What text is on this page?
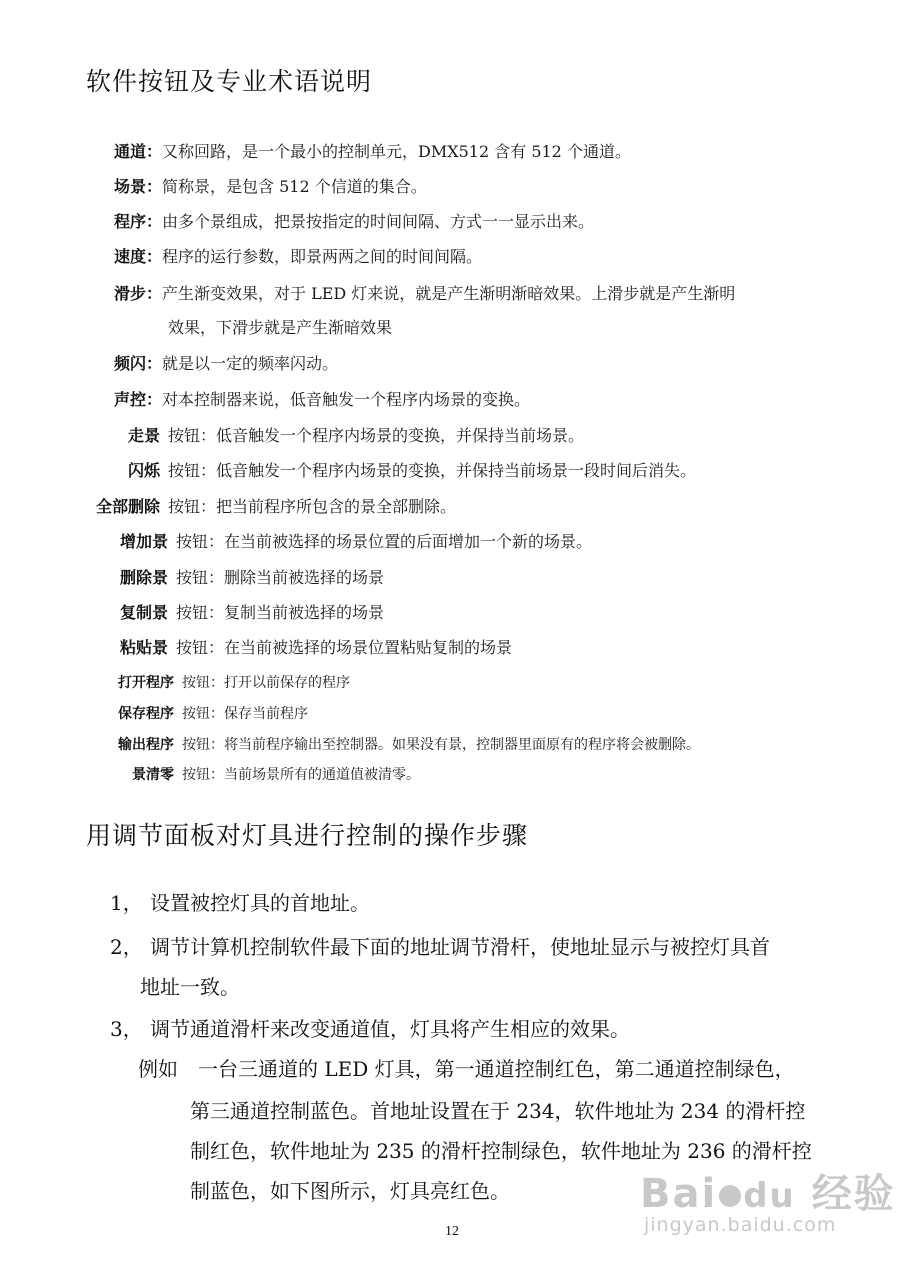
软件按钮及专业术语说明
通道：又称回路，是一个最小的控制单元，DMX512 含有 512 个通道。
场景：简称景，是包含 512 个信道的集合。
程序：由多个景组成，把景按指定的时间间隔、方式一一显示出来。
速度：程序的运行参数，即景两两之间的时间间隔。
滑步：产生渐变效果，对于 LED 灯来说，就是产生渐明渐暗效果。上滑步就是产生渐明
效果，下滑步就是产生渐暗效果
频闪：就是以一定的频率闪动。
声控：对本控制器来说，低音触发一个程序内场景的变换。
走景 按钮：低音触发一个程序内场景的变换，并保持当前场景。
闪烁 按钮：低音触发一个程序内场景的变换，并保持当前场景一段时间后消失。
全部删除 按钮：把当前程序所包含的景全部删除。
增加景 按钮：在当前被选择的场景位置的后面增加一个新的场景。
删除景 按钮：删除当前被选择的场景
复制景 按钮：复制当前被选择的场景
粘贴景 按钮：在当前被选择的场景位置粘贴复制的场景
打开程序 按钮：打开以前保存的程序
保存程序 按钮：保存当前程序
输出程序 按钮：将当前程序输出至控制器。如果没有景，控制器里面原有的程序将会被删除。
景清零 按钮：当前场景所有的通道值被清零。
用调节面板对灯具进行控制的操作步骤
1， 设置被控灯具的首地址。
2， 调节计算机控制软件最下面的地址调节滑杆，使地址显示与被控灯具首
地址一致。
3， 调节通道滑杆来改变通道值，灯具将产生相应的效果。
例如 一台三通道的 LED 灯具，第一通道控制红色，第二通道控制绿色，
第三通道控制蓝色。首地址设置在于 234，软件地址为 234 的滑杆控
制红色，软件地址为 235 的滑杆控制绿色，软件地址为 236 的滑杆控
制蓝色，如下图所示，灯具亮红色。
12
Bai du 经验
jingyan.baidu.com
